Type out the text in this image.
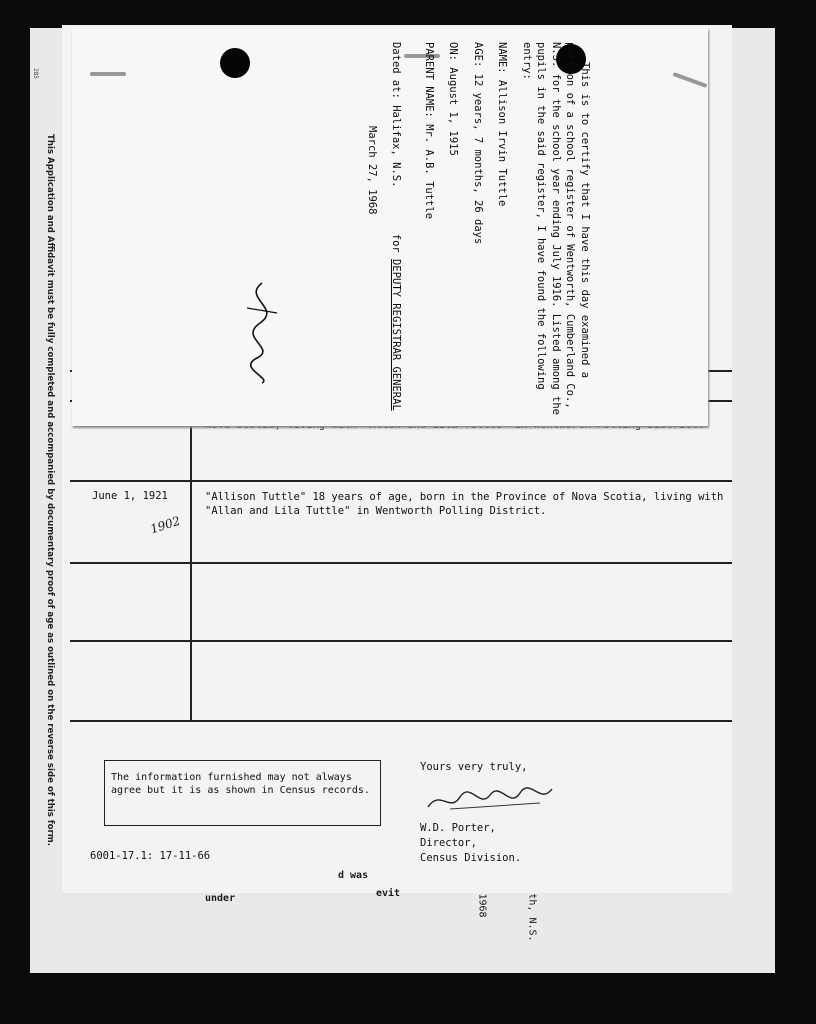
This Application and Affidavit must be fully completed and accompanied by documentary proof of age as outlined on the reverse side of this form.
285
June 1, 1921	"Allison Tuttle" 18 years of age, born in the Province of Nova Scotia, living with "Allan and Lila Tuttle" in Wentworth Polling District.
1902
The information furnished may not always agree but it is as shown in Census records.
Yours very truly,
W.D. Porter,
Director,
Census Division.
6001-17.1: 17-11-66
under
d was
evit	1968	th, N.S.

This is to certify that I have this day examined a portion of a school register of Wentworth, Cumberland Co., N.S. for the school year ending July 1916. Listed among the pupils in the said register, I have found the following entry:

NAME: Allison Irvin Tuttle
AGE: 12 years, 7 months, 26 days
ON: August 1, 1915
PARENT NAME: Mr. A.B. Tuttle
Dated at: Halifax, N.S. for DEPUTY REGISTRAR GENERAL
March 27, 1968
